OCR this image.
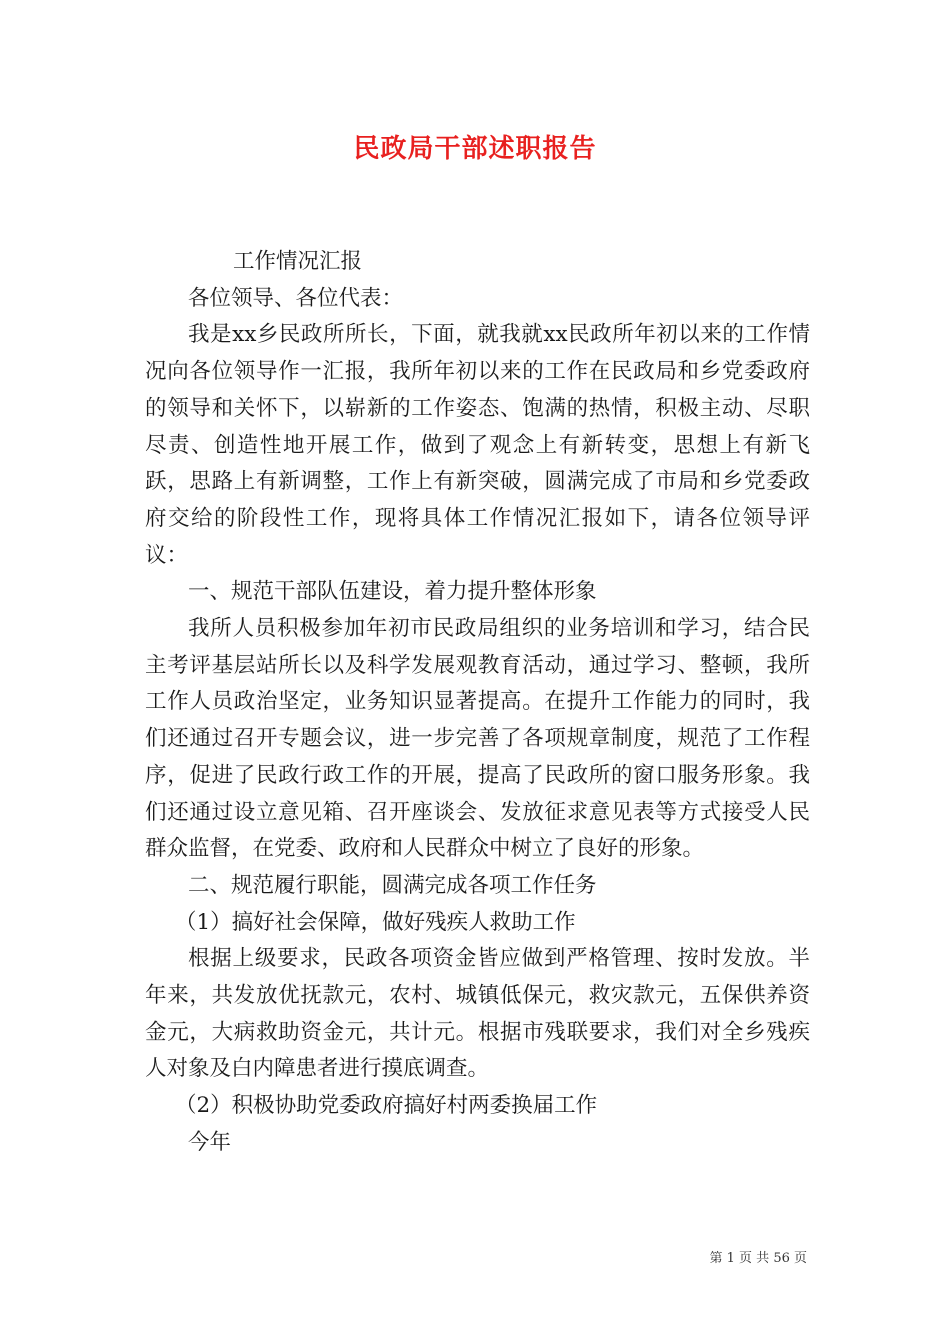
民政局干部述职报告

工作情况汇报

各位领导、各位代表：

我是xx乡民政所所长，下面，就我就xx民政所年初以来的工作情况向各位领导作一汇报，我所年初以来的工作在民政局和乡党委政府的领导和关怀下，以崭新的工作姿态、饱满的热情，积极主动、尽职尽责、创造性地开展工作，做到了观念上有新转变，思想上有新飞跃，思路上有新调整，工作上有新突破，圆满完成了市局和乡党委政府交给的阶段性工作，现将具体工作情况汇报如下，请各位领导评议：

一、规范干部队伍建设，着力提升整体形象

我所人员积极参加年初市民政局组织的业务培训和学习，结合民主考评基层站所长以及科学发展观教育活动，通过学习、整顿，我所工作人员政治坚定，业务知识显著提高。在提升工作能力的同时，我们还通过召开专题会议，进一步完善了各项规章制度，规范了工作程序，促进了民政行政工作的开展，提高了民政所的窗口服务形象。我们还通过设立意见箱、召开座谈会、发放征求意见表等方式接受人民群众监督，在党委、政府和人民群众中树立了良好的形象。

二、规范履行职能，圆满完成各项工作任务

（1）搞好社会保障，做好残疾人救助工作

根据上级要求，民政各项资金皆应做到严格管理、按时发放。半年来，共发放优抚款元，农村、城镇低保元，救灾款元，五保供养资金元，大病救助资金元，共计元。根据市残联要求，我们对全乡残疾人对象及白内障患者进行摸底调查。

（2）积极协助党委政府搞好村两委换届工作

今年

第 1 页 共 56 页
